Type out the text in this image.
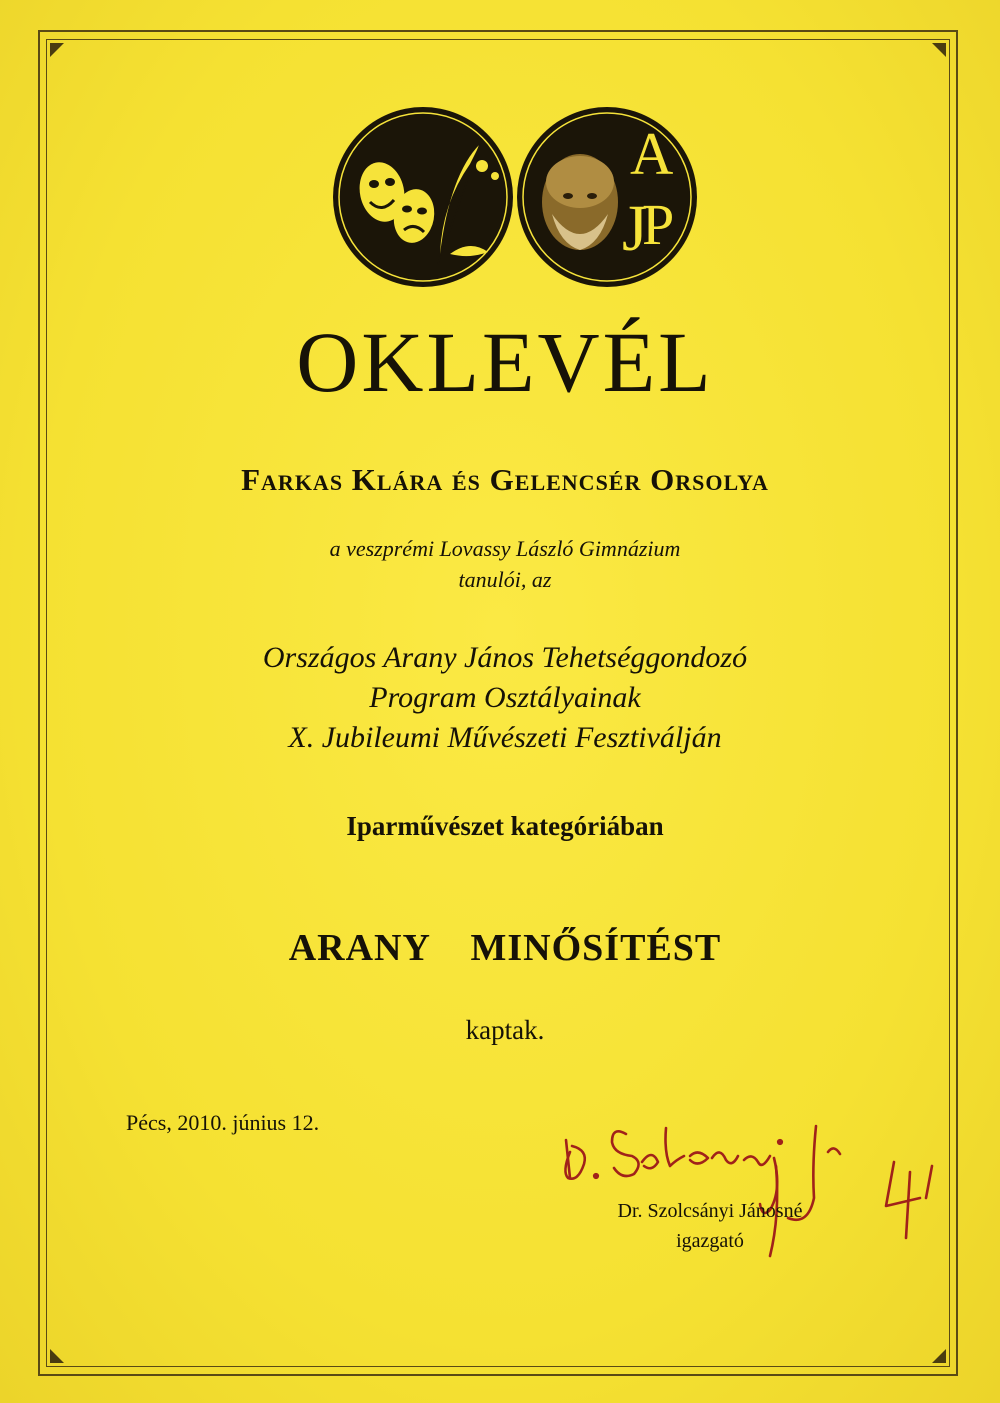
A
J
P
OKLEVÉL
Farkas Klára és Gelencsér Orsolya
a veszprémi Lovassy László Gimnázium
tanulói, az
Országos Arany János Tehetséggondozó
Program Osztályainak
X. Jubileumi Művészeti Fesztiválján
Iparművészet kategóriában
ARANY  MINŐSÍTÉST
kaptak.
Pécs, 2010. június 12.
Dr. Szolcsányi Jánosné
igazgató
